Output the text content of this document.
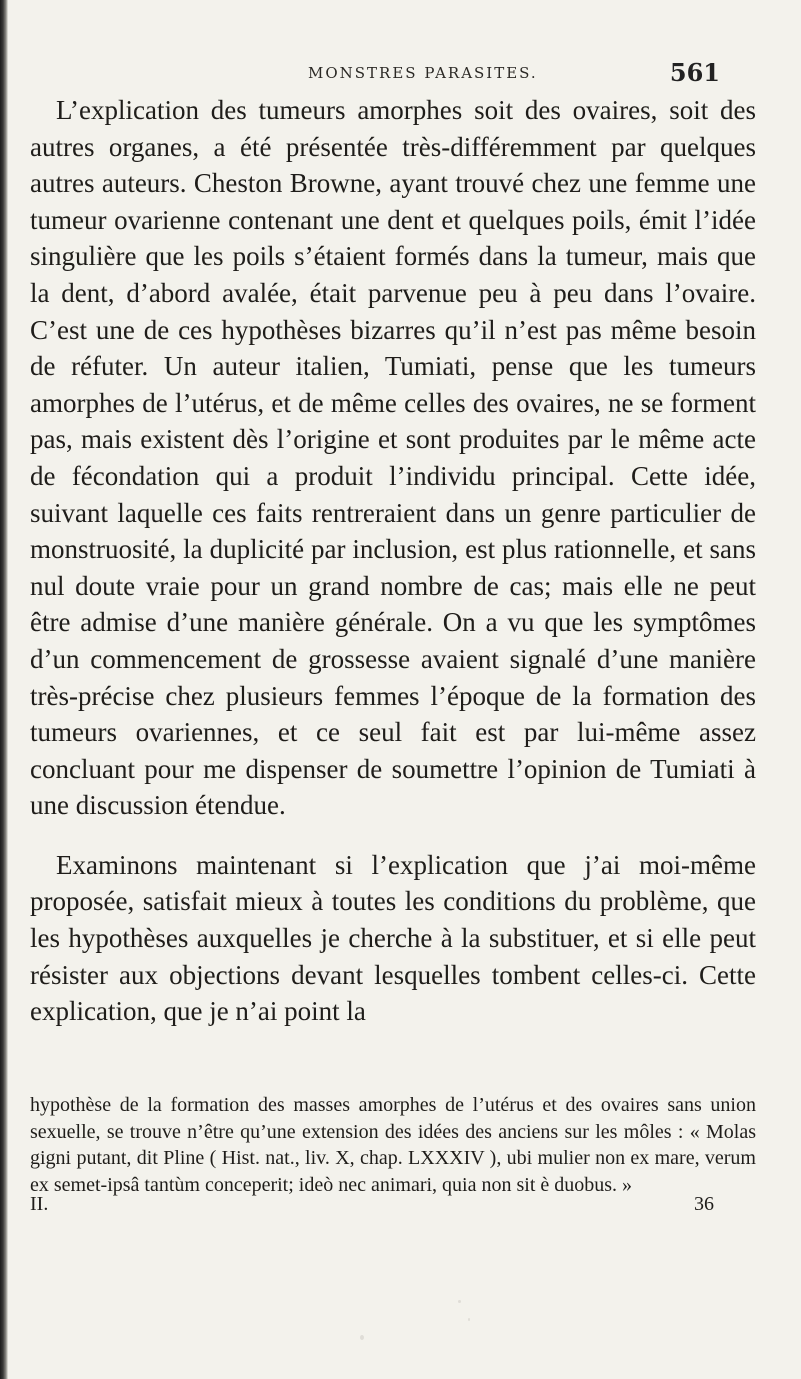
MONSTRES PARASITES.	561

L’explication des tumeurs amorphes soit des ovaires, soit des autres organes, a été présentée très-différemment par quelques autres auteurs. Cheston Browne, ayant trouvé chez une femme une tumeur ovarienne contenant une dent et quelques poils, émit l’idée singulière que les poils s’étaient formés dans la tumeur, mais que la dent, d’abord avalée, était parvenue peu à peu dans l’ovaire. C’est une de ces hypothèses bizarres qu’il n’est pas même besoin de réfuter. Un auteur italien, Tumiati, pense que les tumeurs amorphes de l’utérus, et de même celles des ovaires, ne se forment pas, mais existent dès l’origine et sont produites par le même acte de fécondation qui a produit l’individu principal. Cette idée, suivant laquelle ces faits rentreraient dans un genre particulier de monstruosité, la duplicité par inclusion, est plus rationnelle, et sans nul doute vraie pour un grand nombre de cas; mais elle ne peut être admise d’une manière générale. On a vu que les symptômes d’un commencement de grossesse avaient signalé d’une manière très-précise chez plusieurs femmes l’époque de la formation des tumeurs ovariennes, et ce seul fait est par lui-même assez concluant pour me dispenser de soumettre l’opinion de Tumiati à une discussion étendue.

Examinons maintenant si l’explication que j’ai moi-même proposée, satisfait mieux à toutes les conditions du problème, que les hypothèses auxquelles je cherche à la substituer, et si elle peut résister aux objections devant lesquelles tombent celles-ci. Cette explication, que je n’ai point la

hypothèse de la formation des masses amorphes de l’utérus et des ovaires sans union sexuelle, se trouve n’être qu’une extension des idées des anciens sur les môles : « Molas gigni putant, dit Pline ( Hist. nat., liv. X, chap. LXXXIV ), ubi mulier non ex mare, verum ex semet-ipsâ tantùm conceperit; ideò nec animari, quia non sit è duobus. »
II.	36
